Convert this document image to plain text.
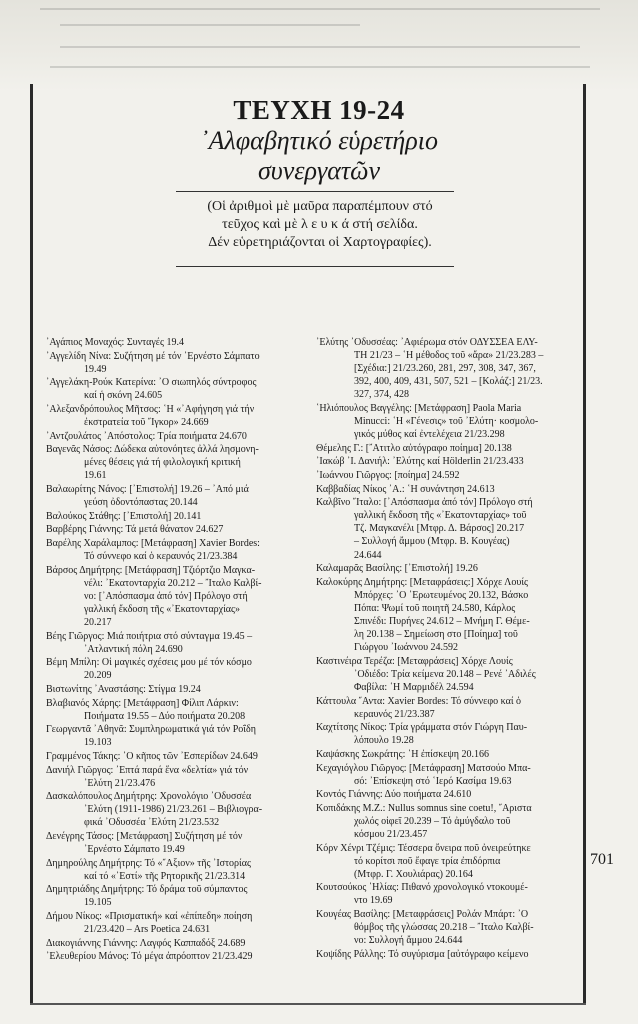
ΤΕΥΧΗ 19-24
᾿Αλφαβητικό εὑρετήριο
συνεργατῶν
(Οἱ ἀριθμοὶ μὲ μαῦρα παραπέμπουν στό
τεῦχος καὶ μὲ λ ε υ κ ά στή σελίδα.
Δέν εὑρετηριάζονται οἱ Χαρτογραφίες).
᾿Αγάπιος Μοναχός: Συνταγές 19.4
᾿Αγγελίδη Νίνα: Συζήτηση μέ τόν ᾿Ερνέστο Σάμπατο
19.49
᾿Αγγελάκη-Ρούκ Κατερίνα: ᾿Ο σιωπηλός σύντροφος
καί ἡ σκόνη 24.605
᾿Αλεξανδρόπουλος Μῆτσος: ῾Η «᾿Αφήγηση γιά τήν
ἐκστρατεία τοῦ ῎Ιγκορ» 24.669
᾿Αντζουλάτος ᾿Απόστολος: Τρία ποιήματα 24.670
Βαγενᾶς Νάσος: Δώδεκα αὐτονόητες ἀλλά λησμονη-
μένες θέσεις γιά τή φιλολογική κριτική
19.61
Βαλαωρίτης Νάνος: [᾿Επιστολή] 19.26 – ᾿Από μιά
γεύση ὀδοντόπαστας 20.144
Βαλούκος Στάθης: [᾿Επιστολή] 20.141
Βαρβέρης Γιάννης: Τά μετά θάνατον 24.627
Βαρέλης Χαράλαμπος: [Μετάφραση] Xavier Bordes:
Τό σύννεφο καί ὁ κεραυνός 21/23.384
Βάρσος Δημήτρης: [Μετάφραση] Τζιόρτζιο Μαγκα-
νέλι: ᾿Εκατονταρχία 20.212 – ῎Ιταλο Καλβί-
νο: [᾿Απόσπασμα ἀπό τόν] Πρόλογο στή
γαλλική ἔκδοση τῆς «᾿Εκατονταρχίας»
20.217
Βέης Γιῶργος: Μιά ποιήτρια στό σύνταγμα 19.45 –
᾿Ατλαντική πόλη 24.690
Βέμη Μπίλη: Οἱ μαγικές σχέσεις μου μέ τόν κόσμο
20.209
Βιστωνίτης ᾿Αναστάσης: Στίγμα 19.24
Βλαβιανός Χάρης: [Μετάφραση] Φίλιπ Λάρκιν:
Ποιήματα 19.55 – Δύο ποιήματα 20.208
Γεωργαντᾶ ᾿Αθηνᾶ: Συμπληρωματικά γιά τόν Ροΐδη
19.103
Γραμμένος Τάκης: ᾿Ο κῆπος τῶν ᾿Εσπερίδων 24.649
Δανιήλ Γιῶργος: ᾿Επτά παρά ἕνα «δελτία» γιά τόν
᾿Ελύτη 21/23.476
Δασκαλόπουλος Δημήτρης: Χρονολόγιο ᾿Οδυσσέα
᾿Ελύτη (1911-1986) 21/23.261 – Βιβλιογρα-
φικά ᾿Οδυσσέα ᾿Ελύτη 21/23.532
Δενέγρης Τάσος: [Μετάφραση] Συζήτηση μέ τόν
᾿Ερνέστο Σάμπατο 19.49
Δημηρούλης Δημήτρης: Τό «῎Αξιον» τῆς ᾿Ιστορίας
καί τό «᾿Εστί» τῆς Ρητορικῆς 21/23.314
Δημητριάδης Δημήτρης: Τό δράμα τοῦ σύμπαντος
19.105
Δήμου Νίκος: «Πρισματική» καί «ἐπίπεδη» ποίηση
21/23.420 – Ars Poetica 24.631
Διακογιάννης Γιάννης: Λαγφός Καππαδόξ 24.689
᾿Ελευθερίου Μάνος: Τό μέγα ἀπρόοπτον 21/23.429
᾿Ελύτης ᾿Οδυσσέας: ᾿Αφιέρωμα στόν ΟΔΥΣΣΕΑ ΕΛΥ-
ΤΗ 21/23 – ῾Η μέθοδος τοῦ «ἄρα» 21/23.283 –
[Σχέδια:] 21/23.260, 281, 297, 308, 347, 367,
392, 400, 409, 431, 507, 521 – [Κολάζ:] 21/23.
327, 374, 428
῾Ηλιόπουλος Βαγγέλης: [Μετάφραση] Paola Maria
Minucci: ῾Η «Γένεσις» τοῦ ᾿Ελύτη· κοσμολο-
γικός μύθος καί ἐντελέχεια 21/23.298
Θέμελης Γ.: [῎Ατιτλο αὐτόγραφο ποίημα] 20.138
᾿Ιακώβ ᾿Ι. Δανιήλ: ᾿Ελύτης καί Hölderlin 21/23.433
᾿Ιωάννου Γιῶργος: [ποίημα] 24.592
Καββαδίας Νίκος ᾿Α.: ῾Η συνάντηση 24.613
Καλβῖνο ῎Ιταλο: [᾿Απόσπασμα ἀπό τόν] Πρόλογο στή
γαλλική ἔκδοση τῆς «᾿Εκατονταρχίας» τοῦ
Τζ. Μαγκανέλι [Μτφρ. Δ. Βάρσος] 20.217
– Συλλογή ἄμμου (Μτφρ. Β. Κουγέας)
24.644
Καλαμαρᾶς Βασίλης: [᾿Επιστολή] 19.26
Καλοκύρης Δημήτρης: [Μεταφράσεις:] Χόρχε Λουίς
Μπόρχες: ᾿Ο ᾿Ερωτευμένος 20.132, Βάσκο
Πόπα: Ψωμί τοῦ ποιητῆ 24.580, Κάρλος
Σπινέδι: Πυρήνες 24.612 – Μνήμη Γ. Θέμε-
λη 20.138 – Σημείωση στο [Ποίημα] τοῦ
Γιώργου ᾿Ιωάννου 24.592
Καστινέιρα Τερέζα: [Μεταφράσεις] Χόρχε Λουίς
᾿Οδιέδο: Τρία κείμενα 20.148 – Ρενέ ᾿Αδιλές
Φαβίλα: ῾Η Μαρμιδέλ 24.594
Κάττουλα ῎Αντα: Xavier Bordes: Τό σύννεφο καί ὁ
κεραυνός 21/23.387
Καχτίτσης Νίκος: Τρία γράμματα στόν Γιώργη Παυ-
λόπουλο 19.28
Καψάσκης Σωκράτης: ῾Η ἐπίσκεψη 20.166
Κεχαγιόγλου Γιῶργος: [Μετάφραση] Ματσούο Μπα-
σό: ᾿Επίσκεψη στό ῾Ιερό Κασίμα 19.63
Κοντός Γιάννης: Δύο ποιήματα 24.610
Κοπιδάκης Μ.Ζ.: Nullus somnus sine coetu!, ῎Αριστα
χωλός οἰφεῖ 20.239 – Τό ἀμύγδαλο τοῦ
κόσμου 21/23.457
Κόρν Χένρι Τζέμις: Τέσσερα ὄνειρα ποῦ ὀνειρεύτηκε
τό κορίτσι ποῦ ἔφαγε τρία ἐπιδόρπια
(Μτφρ. Γ. Χουλιάρας) 20.164
Κουτσούκος ῾Ηλίας: Πιθανό χρονολογικό ντοκουμέ-
ντο 19.69
Κουγέας Βασίλης: [Μεταφράσεις] Ρολάν Μπάρτ: ᾿Ο
θόμβος τῆς γλώσσας 20.218 – ῎Ιταλο Καλβί-
νο: Συλλογή ἄμμου 24.644
Κοψίδης Ράλλης: Τό συγύρισμα [αὐτόγραφο κείμενο
701
